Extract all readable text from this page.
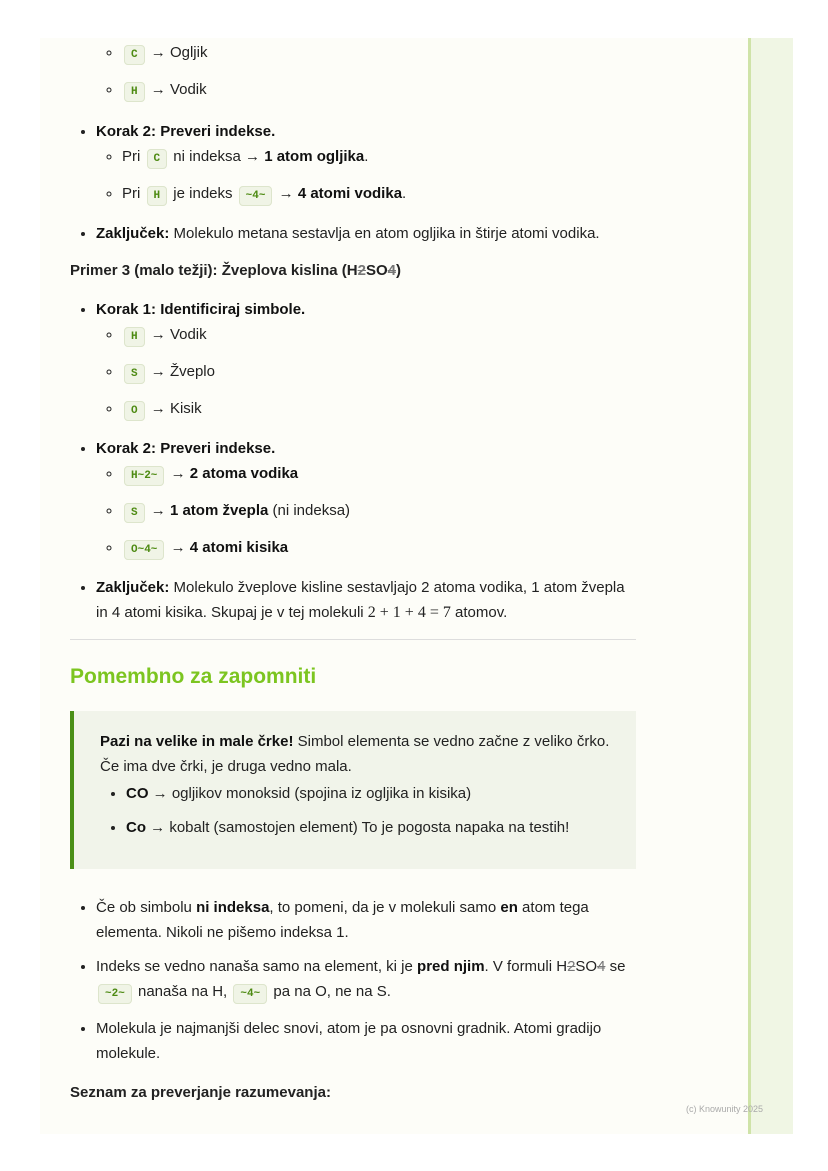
◦ C → Ogljik
◦ H → Vodik
• Korak 2: Preveri indekse.
◦ Pri C ni indeksa → 1 atom ogljika.
◦ Pri H je indeks ~4~ → 4 atomi vodika.
• Zaključek: Molekulo metana sestavlja en atom ogljika in štirje atomi vodika.
Primer 3 (malo težji): Žveplova kislina (H2SO4)
• Korak 1: Identificiraj simbole.
◦ H → Vodik
◦ S → Žveplo
◦ O → Kisik
• Korak 2: Preveri indekse.
◦ H~2~ → 2 atoma vodika
◦ S → 1 atom žvepla (ni indeksa)
◦ O~4~ → 4 atomi kisika
• Zaključek: Molekulo žveplove kisline sestavljajo 2 atoma vodika, 1 atom žvepla in 4 atomi kisika. Skupaj je v tej molekuli 2 + 1 + 4 = 7 atomov.
Pomembno za zapomniti
Pazi na velike in male črke! Simbol elementa se vedno začne z veliko črko. Če ima dve črki, je druga vedno mala.
• CO → ogljikov monoksid (spojina iz ogljika in kisika)
• Co → kobalt (samostojen element) To je pogosta napaka na testih!
• Če ob simbolu ni indeksa, to pomeni, da je v molekuli samo en atom tega elementa. Nikoli ne pišemo indeksa 1.
• Indeks se vedno nanaša samo na element, ki je pred njim. V formuli H2SO4 se ~2~ nanaša na H, ~4~ pa na O, ne na S.
• Molekula je najmanjši delec snovi, atom je pa osnovni gradnik. Atomi gradijo molekule.
Seznam za preverjanje razumevanja:
(c) Knowunity 2025
